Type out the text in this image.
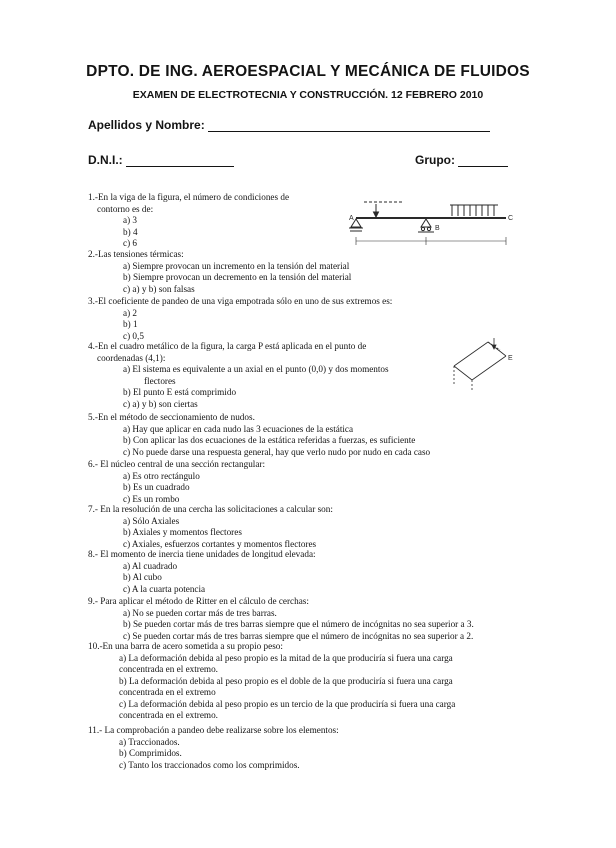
DPTO. DE ING. AEROESPACIAL Y MECÁNICA DE FLUIDOS
EXAMEN DE ELECTROTECNIA Y CONSTRUCCIÓN. 12 FEBRERO 2010
Apellidos y Nombre:
D.N.I.:	Grupo:
A
B
C
E
1.-En la viga de la figura, el número de condiciones de
contorno es de:
a) 3
b) 4
c) 6
2.-Las tensiones térmicas:
a) Siempre provocan un incremento en la tensión del material
b) Siempre provocan un decremento en la tensión del material
c) a) y b) son falsas
3.-El coeficiente de pandeo de una viga empotrada sólo en uno de sus extremos es:
a) 2
b) 1
c) 0,5
4.-En el cuadro metálico de la figura, la carga P está aplicada en el punto de
coordenadas (4,1):
a) El sistema es equivalente a un axial en el punto (0,0) y dos momentos
flectores
b) El punto E está comprimido
c) a) y b) son ciertas
5.-En el método de seccionamiento de nudos.
a) Hay que aplicar en cada nudo las 3 ecuaciones de la estática
b) Con aplicar las dos ecuaciones de la estática referidas a fuerzas, es suficiente
c) No puede darse una respuesta general, hay que verlo nudo por nudo en cada caso
6.- El núcleo central de una sección rectangular:
a) Es otro rectángulo
b) Es un cuadrado
c) Es un rombo
7.- En la resolución de una cercha las solicitaciones a calcular son:
a) Sólo Axiales
b) Axiales y momentos flectores
c) Axiales, esfuerzos cortantes y momentos flectores
8.- El momento de inercia tiene unidades de longitud elevada:
a) Al cuadrado
b) Al cubo
c) A la cuarta potencia
9.- Para aplicar el método de Ritter en el cálculo de cerchas:
a) No se pueden cortar más de tres barras.
b) Se pueden cortar más de tres barras siempre que el número de incógnitas no sea superior a 3.
c) Se pueden cortar más de tres barras siempre que el número de incógnitas no sea superior a 2.
10.-En una barra de acero sometida a su propio peso:
a) La deformación debida al peso propio es la mitad de la que produciría si fuera una carga
concentrada en el extremo.
b) La deformación debida al peso propio es el doble de la que produciría si fuera una carga
concentrada en el extremo
c) La deformación debida al peso propio es un tercio de la que produciría si fuera una carga
concentrada en el extremo.
11.- La comprobación a pandeo debe realizarse sobre los elementos:
a) Traccionados.
b) Comprimidos.
c) Tanto los traccionados como los comprimidos.
